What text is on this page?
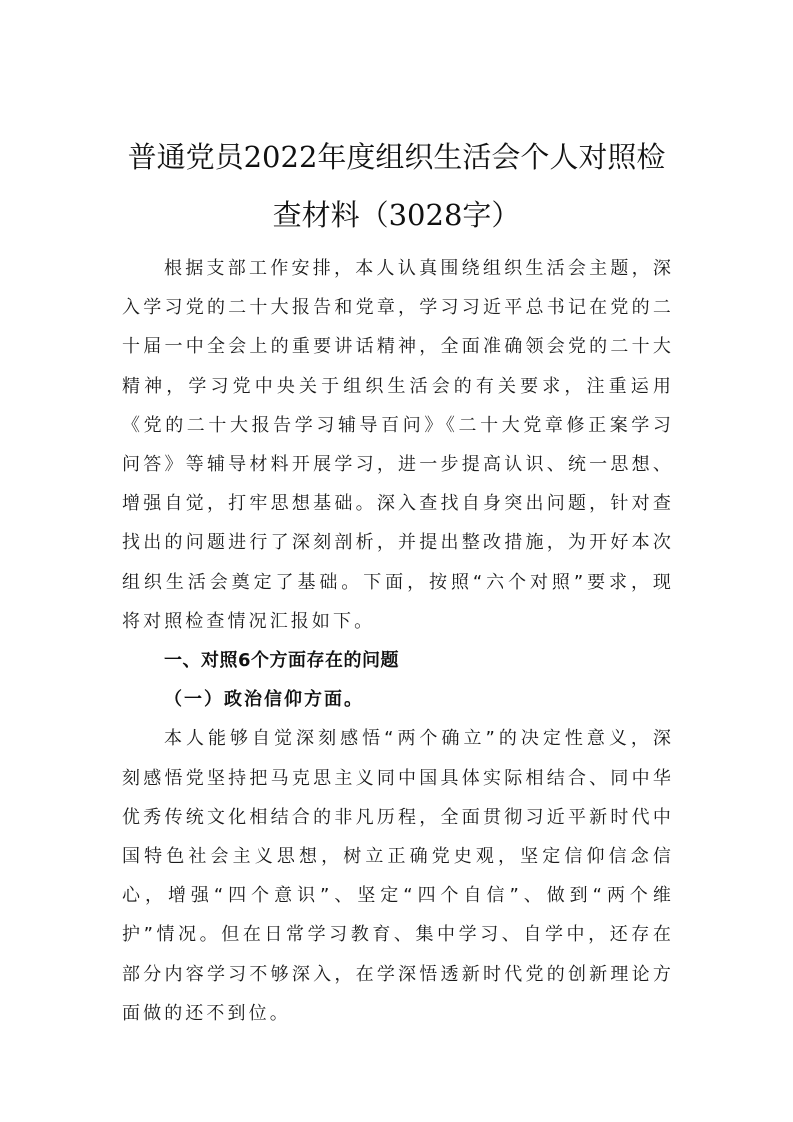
普通党员2022年度组织生活会个人对照检
查材料（3028字）

根据支部工作安排，本人认真围绕组织生活会主题，深入学习党的二十大报告和党章，学习习近平总书记在党的二十届一中全会上的重要讲话精神，全面准确领会党的二十大精神，学习党中央关于组织生活会的有关要求，注重运用《党的二十大报告学习辅导百问》《二十大党章修正案学习问答》等辅导材料开展学习，进一步提高认识、统一思想、增强自觉，打牢思想基础。深入查找自身突出问题，针对查找出的问题进行了深刻剖析，并提出整改措施，为开好本次组织生活会奠定了基础。下面，按照“六个对照”要求，现将对照检查情况汇报如下。

一、对照6个方面存在的问题

（一）政治信仰方面。

本人能够自觉深刻感悟“两个确立”的决定性意义，深刻感悟党坚持把马克思主义同中国具体实际相结合、同中华优秀传统文化相结合的非凡历程，全面贯彻习近平新时代中国特色社会主义思想，树立正确党史观，坚定信仰信念信心，增强“四个意识”、坚定“四个自信”、做到“两个维护”情况。但在日常学习教育、集中学习、自学中，还存在部分内容学习不够深入，在学深悟透新时代党的创新理论方面做的还不到位。
